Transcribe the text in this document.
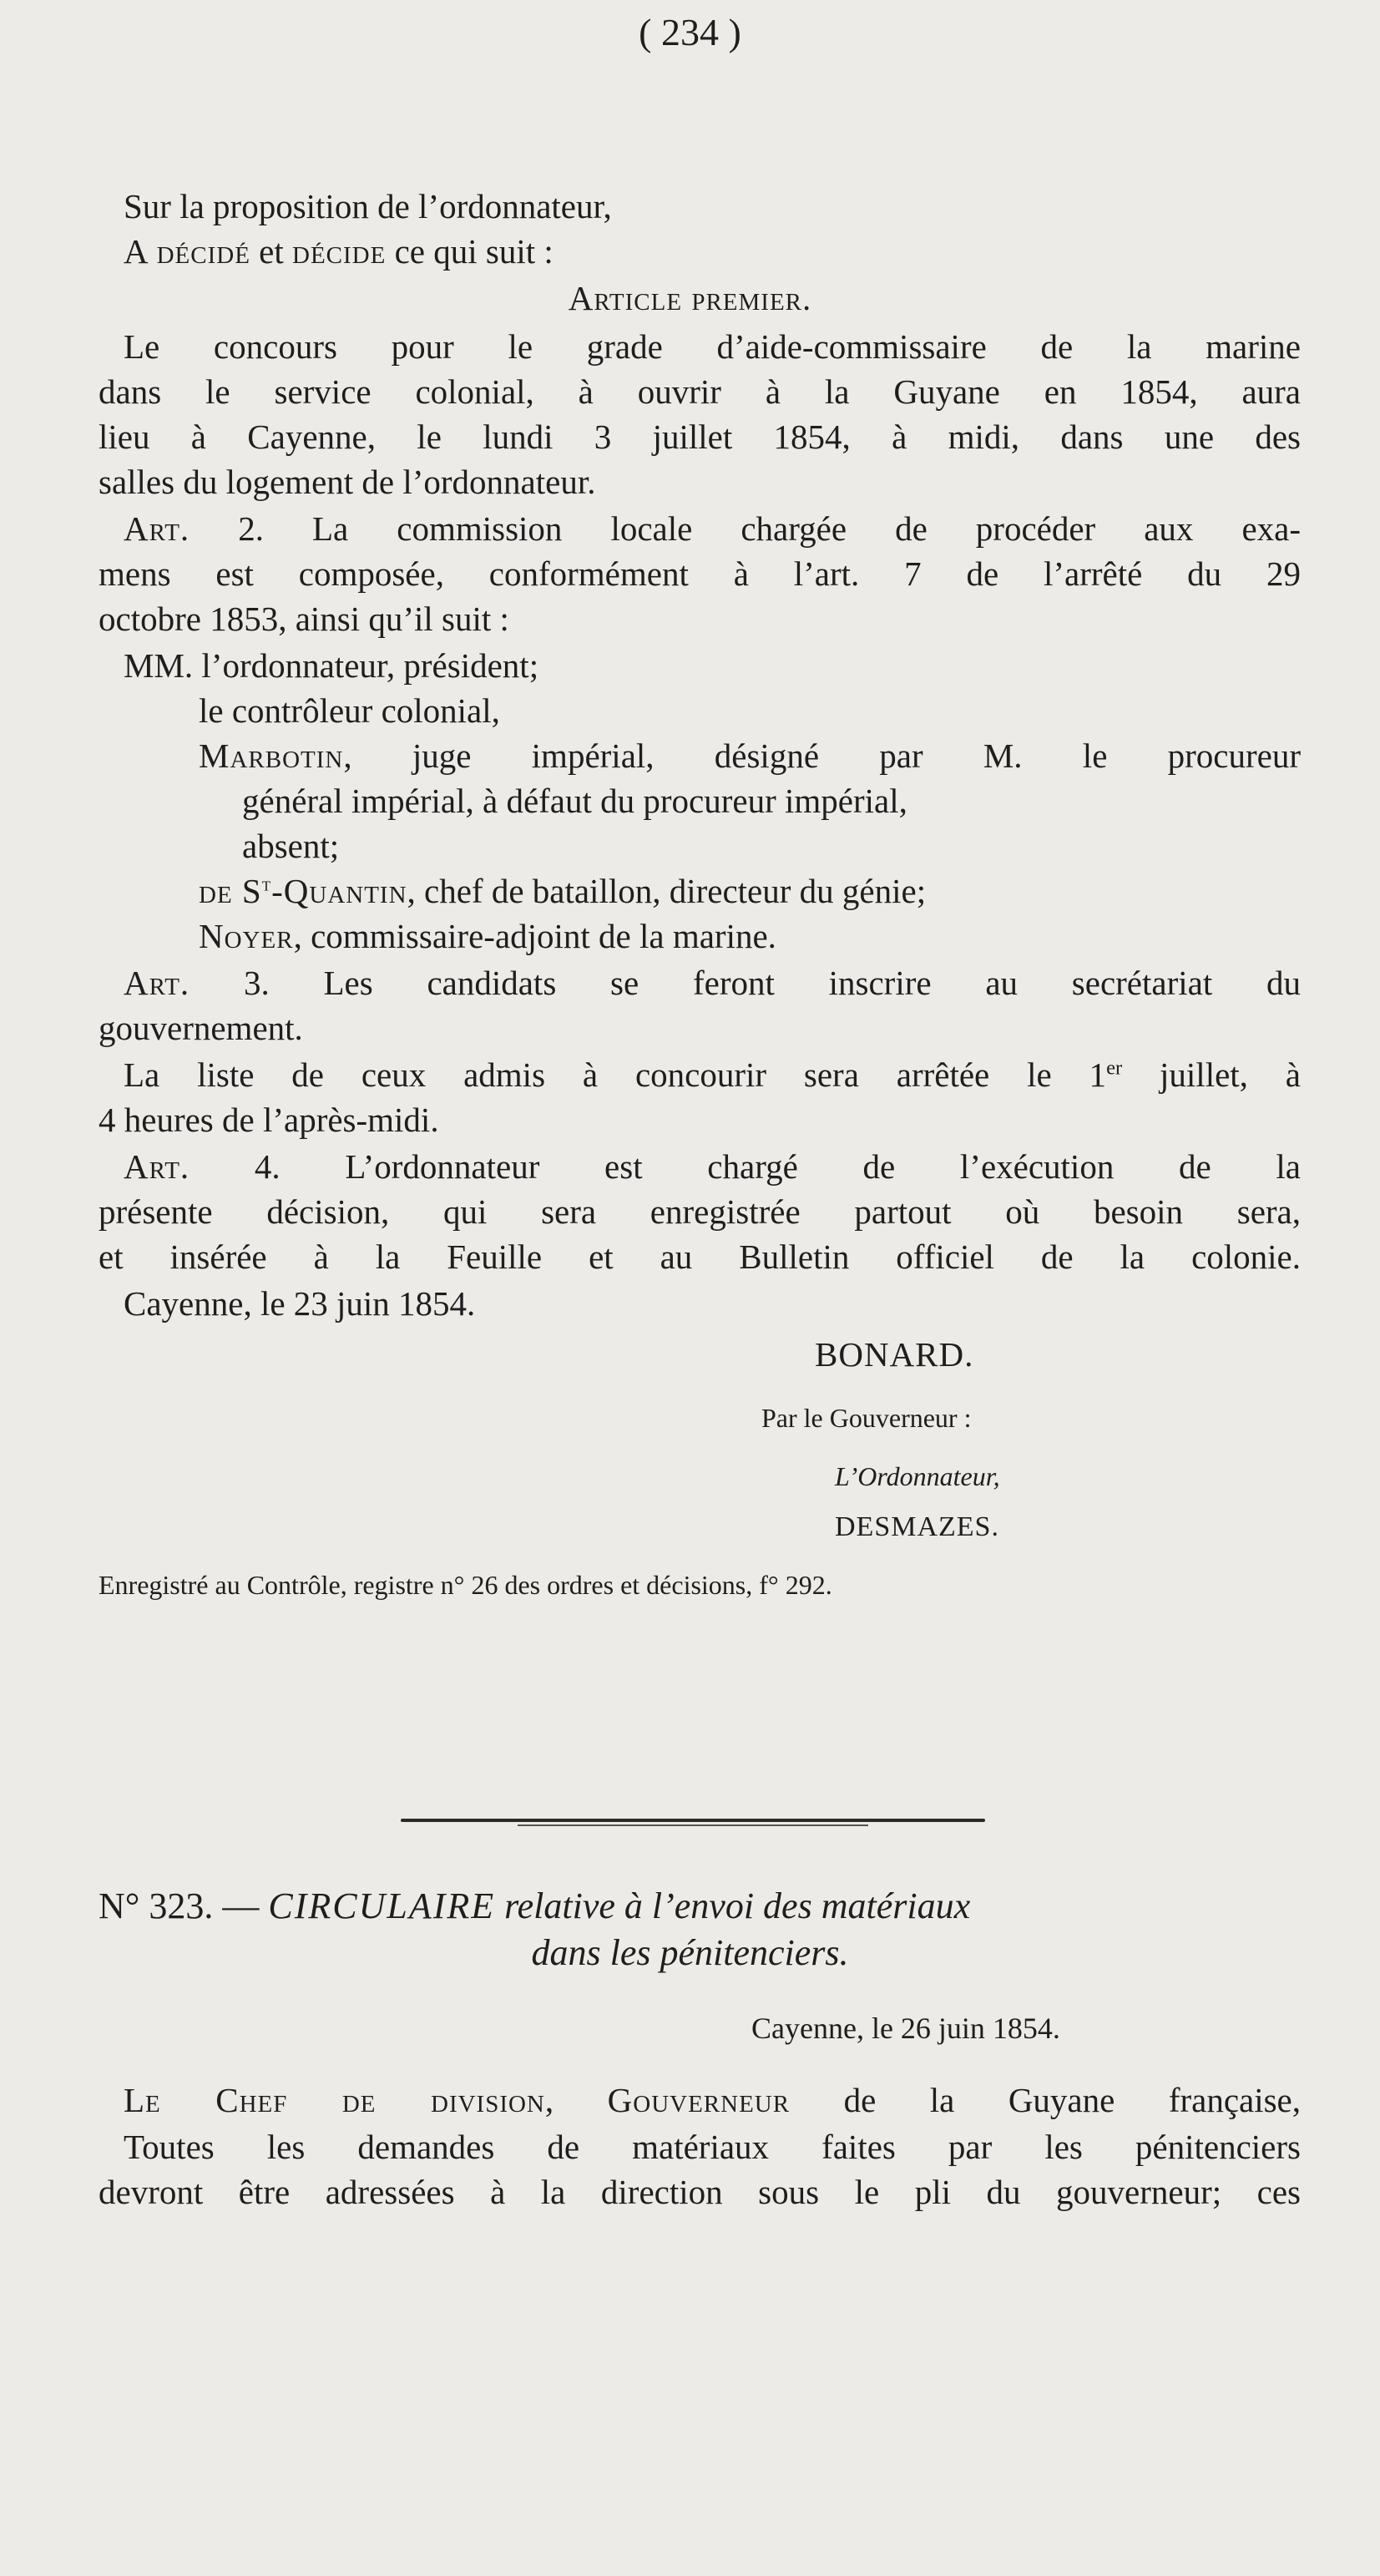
( 234 )
Sur la proposition de l’ordonnateur,
A décidé et décide ce qui suit :
Article premier.
Le concours pour le grade d’aide-commissaire de la marine
dans le service colonial, à ouvrir à la Guyane en 1854, aura
lieu à Cayenne, le lundi 3 juillet 1854, à midi, dans une des
salles du logement de l’ordonnateur.
Art. 2. La commission locale chargée de procéder aux exa-
mens est composée, conformément à l’art. 7 de l’arrêté du 29
octobre 1853, ainsi qu’il suit :
MM. l’ordonnateur, président;
le contrôleur colonial,
Marbotin, juge impérial, désigné par M. le procureur
général impérial, à défaut du procureur impérial,
absent;
de $S^t$-Quantin, chef de bataillon, directeur du génie;
Noyer, commissaire-adjoint de la marine.
Art. 3. Les candidats se feront inscrire au secrétariat du
gouvernement.
La liste de ceux admis à concourir sera arrêtée le 1er juillet, à
4 heures de l’après-midi.
Art. 4. L’ordonnateur est chargé de l’exécution de la
présente décision, qui sera enregistrée partout où besoin sera,
et insérée à la Feuille et au Bulletin officiel de la colonie.
Cayenne, le 23 juin 1854.
BONARD.
Par le Gouverneur :
L’Ordonnateur,
DESMAZES.
Enregistré au Contrôle, registre n° 26 des ordres et décisions, f° 292.
N° 323. — CIRCULAIRE relative à l’envoi des matériaux
dans les pénitenciers.
Cayenne, le 26 juin 1854.
Le Chef de division, Gouverneur de la Guyane française,
Toutes les demandes de matériaux faites par les pénitenciers
devront être adressées à la direction sous le pli du gouverneur; ces
